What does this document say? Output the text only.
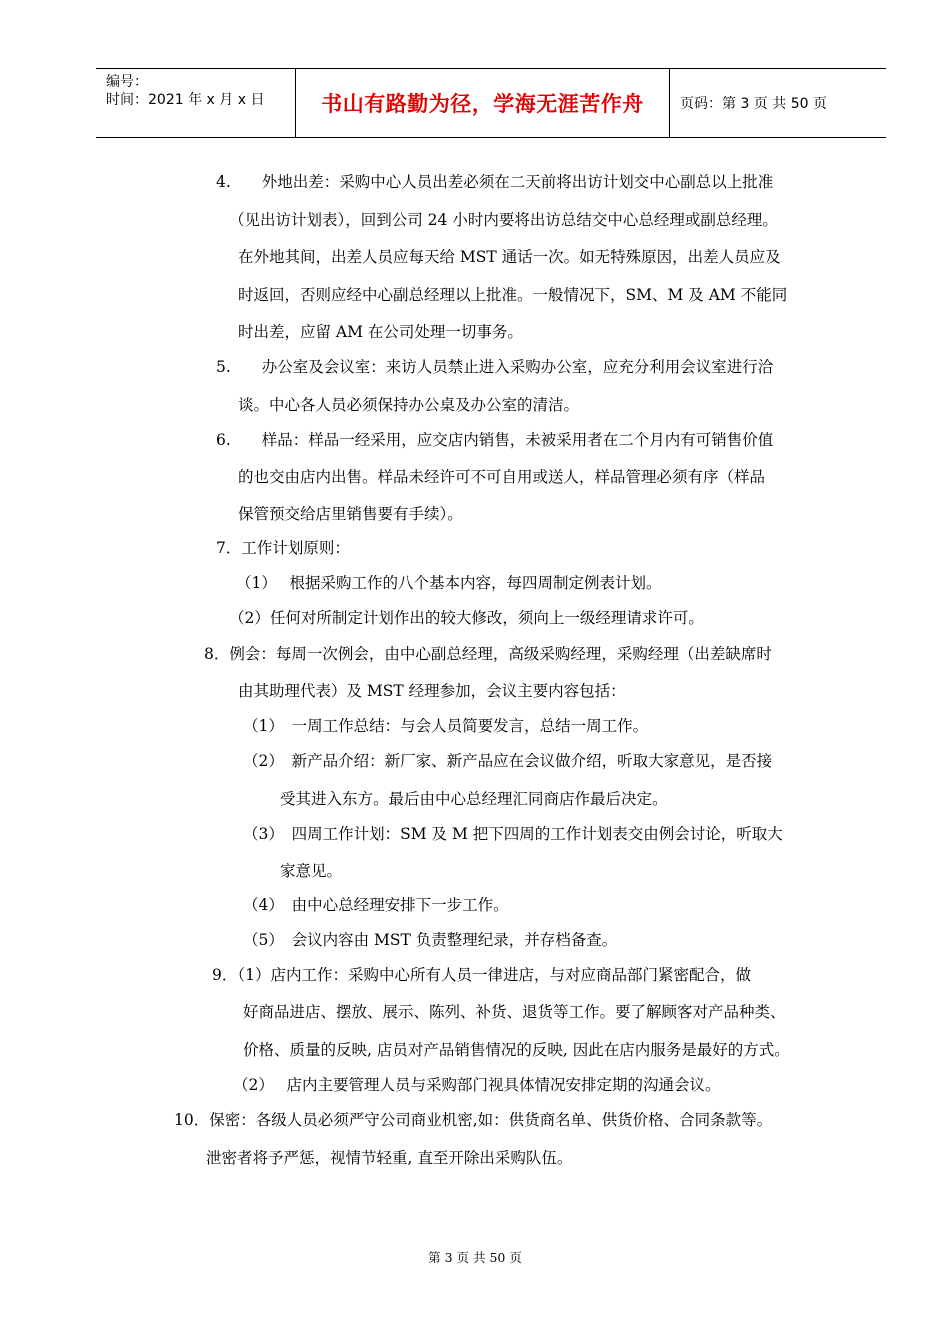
编号：
时间：2021 年 x 月 x 日	书山有路勤为径，学海无涯苦作舟	页码：第 3 页 共 50 页
4.　　外地出差：采购中心人员出差必须在二天前将出访计划交中心副总以上批准
（见出访计划表），回到公司 24 小时内要将出访总结交中心总经理或副总经理。
在外地其间，出差人员应每天给 MST 通话一次。如无特殊原因，出差人员应及
时返回，否则应经中心副总经理以上批准。一般情况下，SM、M 及 AM 不能同
时出差，应留 AM 在公司处理一切事务。
5.　　办公室及会议室：来访人员禁止进入采购办公室，应充分利用会议室进行洽
谈。中心各人员必须保持办公桌及办公室的清洁。
6.　　样品：样品一经采用，应交店内销售，未被采用者在二个月内有可销售价值
的也交由店内出售。样品未经许可不可自用或送人，样品管理必须有序（样品
保管预交给店里销售要有手续）。
7．工作计划原则：
（1）　 根据采购工作的八个基本内容，每四周制定例表计划。
（2）任何对所制定计划作出的较大修改，须向上一级经理请求许可。
8．例会：每周一次例会，由中心副总经理，高级采购经理，采购经理（出差缺席时
由其助理代表）及 MST 经理参加，会议主要内容包括：
（1）　一周工作总结：与会人员简要发言，总结一周工作。
（2）　新产品介绍：新厂家、新产品应在会议做介绍，听取大家意见，是否接
受其进入东方。最后由中心总经理汇同商店作最后决定。
（3）　四周工作计划：SM 及 M 把下四周的工作计划表交由例会讨论，听取大
家意见。
（4）　由中心总经理安排下一步工作。
（5）　会议内容由 MST 负责整理纪录，并存档备查。
9．（1）店内工作：采购中心所有人员一律进店，与对应商品部门紧密配合，做
好商品进店、摆放、展示、陈列、补货、退货等工作。要了解顾客对产品种类、
价格、质量的反映, 店员对产品销售情况的反映, 因此在店内服务是最好的方式。
（2）　 店内主要管理人员与采购部门视具体情况安排定期的沟通会议。
10．保密：各级人员必须严守公司商业机密,如：供货商名单、供货价格、合同条款等。
泄密者将予严惩，视情节轻重, 直至开除出采购队伍。
第 3 页 共 50 页
